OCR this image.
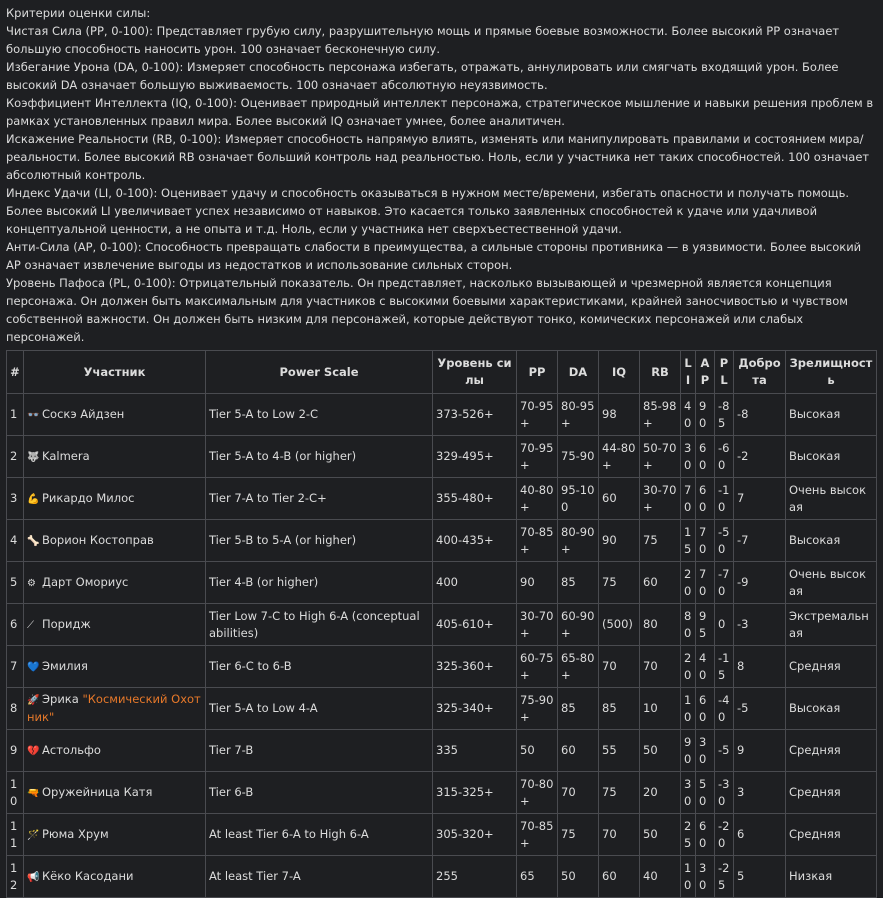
Критерии оценки силы:
Чистая Сила (PP, 0-100): Представляет грубую силу, разрушительную мощь и прямые боевые возможности. Более высокий PP означает большую способность наносить урон. 100 означает бесконечную силу.
Избегание Урона (DA, 0-100): Измеряет способность персонажа избегать, отражать, аннулировать или смягчать входящий урон. Более высокий DA означает большую выживаемость. 100 означает абсолютную неуязвимость.
Коэффициент Интеллекта (IQ, 0-100): Оценивает природный интеллект персонажа, стратегическое мышление и навыки решения проблем в рамках установленных правил мира. Более высокий IQ означает умнее, более аналитичен.
Искажение Реальности (RB, 0-100): Измеряет способность напрямую влиять, изменять или манипулировать правилами и состоянием мира/реальности. Более высокий RB означает больший контроль над реальностью. Ноль, если у участника нет таких способностей. 100 означает абсолютный контроль.
Индекс Удачи (LI, 0-100): Оценивает удачу и способность оказываться в нужном месте/времени, избегать опасности и получать помощь. Более высокий LI увеличивает успех независимо от навыков. Это касается только заявленных способностей к удаче или удачливой концептуальной ценности, а не опыта и т.д. Ноль, если у участника нет сверхъестественной удачи.
Анти-Сила (AP, 0-100): Способность превращать слабости в преимущества, а сильные стороны противника — в уязвимости. Более высокий AP означает извлечение выгоды из недостатков и использование сильных сторон.
Уровень Пафоса (PL, 0-100): Отрицательный показатель. Он представляет, насколько вызывающей и чрезмерной является концепция персонажа. Он должен быть максимальным для участников с высокими боевыми характеристиками, крайней заносчивостью и чувством собственной важности. Он должен быть низким для персонажей, которые действуют тонко, комических персонажей или слабых персонажей.
#	Участник	Power Scale	Уровень силы	PP	DA	IQ	RB	LI	AP	PL	Доброта	Зрелищность
1	👓 Соскэ Айдзен	Tier 5-A to Low 2-C	373-526+	70-95+	80-95+	98	85-98+	40	90	-85	-8	Высокая
2	🐺 Kalmera	Tier 5-A to 4-B (or higher)	329-495+	70-95+	75-90	44-80+	50-70+	30	60	-60	-2	Высокая
3	💪 Рикардо Милос	Tier 7-A to Tier 2-C+	355-480+	40-80+	95-100	60	30-70+	70	60	-10	7	Очень высокая
4	🦴 Ворион Костоправ	Tier 5-B to 5-A (or higher)	400-435+	70-85+	80-90+	90	75	15	70	-50	-7	Высокая
5	⚙ Дарт Омориус	Tier 4-B (or higher)	400	90	85	75	60	20	70	-70	-9	Очень высокая
6	⟋ Поридж	Tier Low 7-C to High 6-A (conceptual abilities)	405-610+	30-70+	60-90+	(500)	80	80	95	0	-3	Экстремальная
7	💙 Эмилия	Tier 6-C to 6-B	325-360+	60-75+	65-80+	70	70	20	40	-15	8	Средняя
8	🚀 Эрика "Космический Охотник"	Tier 5-A to Low 4-A	325-340+	75-90+	85	85	10	10	60	-40	-5	Высокая
9	💔 Астольфо	Tier 7-B	335	50	60	55	50	90	30	-5	9	Средняя
10	🔫 Оружейница Катя	Tier 6-B	315-325+	70-80+	70	75	20	30	50	-30	3	Средняя
11	🪄 Рюма Хрум	At least Tier 6-A to High 6-A	305-320+	70-85+	75	70	50	25	60	-20	6	Средняя
12	📢 Кёко Касодани	At least Tier 7-A	255	65	50	60	40	10	30	-25	5	Низкая
